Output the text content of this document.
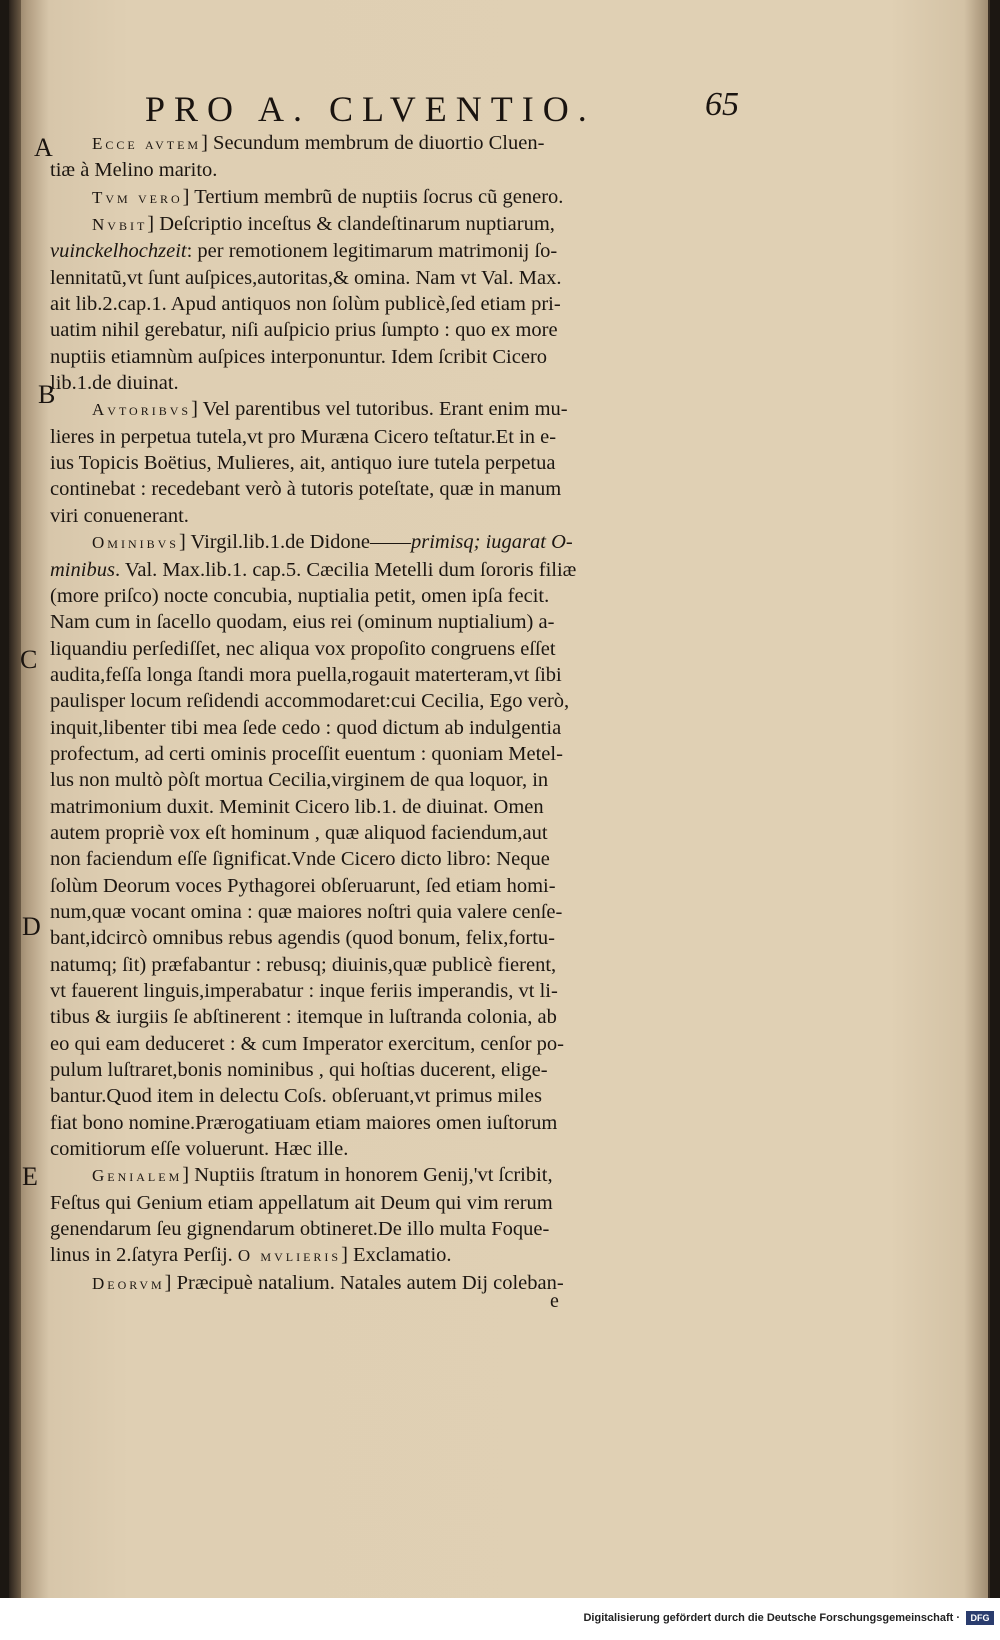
PRO A. CLVENTIO.	65
A
B
C
D
E

Ecce avtem] Secundum membrum de diuortio Cluen-

tiæ à Melino marito.

Tvm vero] Tertium membrũ de nuptiis ſocrus cũ genero.

Nvbit] Deſcriptio inceſtus & clandeſtinarum nuptiarum,

vuinckelhochzeit: per remotionem legitimarum matrimonij ſo-

lennitatũ,vt ſunt auſpices,autoritas,& omina. Nam vt Val. Max.

ait lib.2.cap.1. Apud antiquos non ſolùm publicè,ſed etiam pri-

uatim nihil gerebatur, niſi auſpicio prius ſumpto : quo ex more

nuptiis etiamnùm auſpices interponuntur. Idem ſcribit Cicero

lib.1.de diuinat.

Avtoribvs] Vel parentibus vel tutoribus. Erant enim mu-

lieres in perpetua tutela,vt pro Muræna Cicero teſtatur.Et in e-

ius Topicis Boëtius, Mulieres, ait, antiquo iure tutela perpetua

continebat : recedebant verò à tutoris poteſtate, quæ in manum

viri conuenerant.

Ominibvs] Virgil.lib.1.de Didone——primisq; iugarat O-

minibus. Val. Max.lib.1. cap.5. Cæcilia Metelli dum ſororis filiæ

(more priſco) nocte concubia, nuptialia petit, omen ipſa fecit.

Nam cum in ſacello quodam, eius rei (ominum nuptialium) a-

liquandiu perſediſſet, nec aliqua vox propoſito congruens eſſet

audita,feſſa longa ſtandi mora puella,rogauit materteram,vt ſibi

paulisper locum reſidendi accommodaret:cui Cecilia, Ego verò,

inquit,libenter tibi mea ſede cedo : quod dictum ab indulgentia

profectum, ad certi ominis proceſſit euentum : quoniam Metel-

lus non multò pòſt mortua Cecilia,virginem de qua loquor, in

matrimonium duxit. Meminit Cicero lib.1. de diuinat. Omen

autem propriè vox eſt hominum , quæ aliquod faciendum,aut

non faciendum eſſe ſignificat.Vnde Cicero dicto libro: Neque

ſolùm Deorum voces Pythagorei obſeruarunt, ſed etiam homi-

num,quæ vocant omina : quæ maiores noſtri quia valere cenſe-

bant,idcircò omnibus rebus agendis (quod bonum, felix,fortu-

natumq; ſit) præfabantur : rebusq; diuinis,quæ publicè fierent,

vt fauerent linguis,imperabatur : inque feriis imperandis, vt li-

tibus & iurgiis ſe abſtinerent : itemque in luſtranda colonia, ab

eo qui eam deduceret : & cum Imperator exercitum, cenſor po-

pulum luſtraret,bonis nominibus , qui hoſtias ducerent, elige-

bantur.Quod item in delectu Coſs. obſeruant,vt primus miles

fiat bono nomine.Prærogatiuam etiam maiores omen iuſtorum

comitiorum eſſe voluerunt. Hæc ille.

Genialem] Nuptiis ſtratum in honorem Genij,'vt ſcribit,

Feſtus qui Genium etiam appellatum ait Deum qui vim rerum

genendarum ſeu gignendarum obtineret.De illo multa Foque-

linus in 2.ſatyra Perſij. O mvlieris] Exclamatio.

Deorvm] Præcipuè natalium. Natales autem Dij coleban-

e
Digitalisierung gefördert durch die Deutsche Forschungsgemeinschaft ·	DFG
